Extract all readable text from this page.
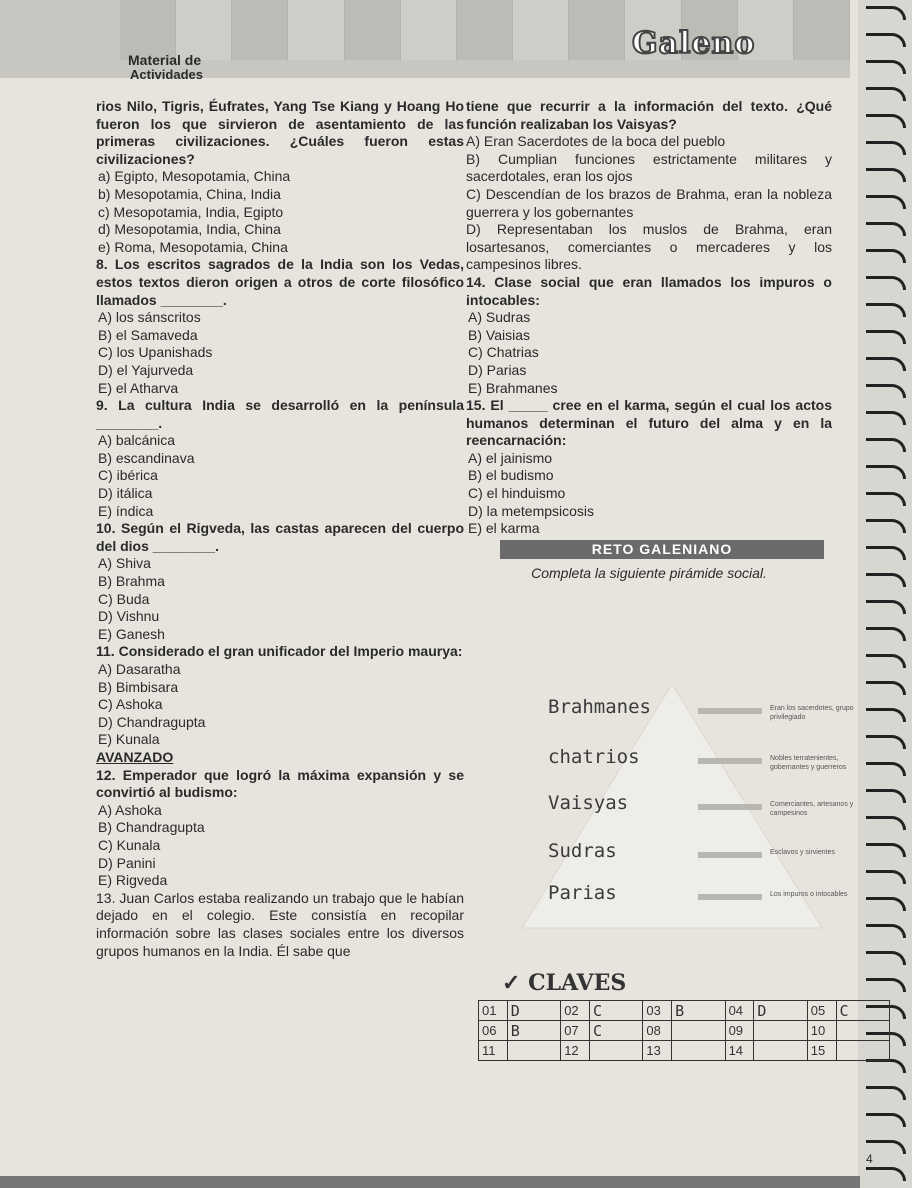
Material de
Actividades
Galeno

rios Nilo, Tigris, Éufrates, Yang Tse Kiang y Hoang Ho fueron los que sirvieron de asentamiento de las primeras civilizaciones. ¿Cuáles fueron estas civilizaciones?

a) Egipto, Mesopotamia, China

b) Mesopotamia, China, India

c) Mesopotamia, India, Egipto

d) Mesopotamia, India, China

e) Roma, Mesopotamia, China

8. Los escritos sagrados de la India son los Vedas, estos textos dieron origen a otros de corte filosófico llamados ________.

A) los sánscritos

B) el Samaveda

C) los Upanishads

D) el Yajurveda

E) el Atharva

9. La cultura India se desarrolló en la península ________.

A) balcánica

B) escandinava

C) ibérica

D) itálica

E) índica

10. Según el Rigveda, las castas aparecen del cuerpo del dios ________.

A) Shiva

B) Brahma

C) Buda

D) Vishnu

E) Ganesh

11. Considerado el gran unificador del Imperio maurya:

A) Dasaratha

B) Bimbisara

C) Ashoka

D) Chandragupta

E) Kunala

AVANZADO

12. Emperador que logró la máxima expansión y se convirtió al budismo:

A) Ashoka

B) Chandragupta

C) Kunala

D) Panini

E) Rigveda

13. Juan Carlos estaba realizando un trabajo que le habían dejado en el colegio. Este consistía en recopilar información sobre las clases sociales entre los diversos grupos humanos en la India. Él sabe que

tiene que recurrir a la información del texto. ¿Qué función realizaban los Vaisyas?

A) Eran Sacerdotes de la boca del pueblo

B) Cumplian funciones estrictamente militares y sacerdotales, eran los ojos

C) Descendían de los brazos de Brahma, eran la nobleza guerrera y los gobernantes

D) Representaban los muslos de Brahma, eran losartesanos, comerciantes o mercaderes y los campesinos libres.

14. Clase social que eran llamados los impuros o intocables:

A) Sudras

B) Vaisias

C) Chatrias

D) Parias

E) Brahmanes

15. El _____ cree en el karma, según el cual los actos humanos determinan el futuro del alma y en la reencarnación:

A) el jainismo

B) el budismo

C) el hinduismo

D) la metempsicosis

E) el karma

RETO GALENIANO

Completa la siguiente pirámide social.

Brahmanes	Eran los sacerdotes, grupo privilegiado
chatrios	Nobles terratenientes, gobernantes y guerreros
Vaisyas	Comerciantes, artesanos y campesinos
Sudras	Esclavos y sirvientes
Parias	Los impuros o intocables
✓ CLAVES
01	D	02	C	03	B	04	D	05	C
06	B	07	C	08		09		10	
11		12		13		14		15	
4
